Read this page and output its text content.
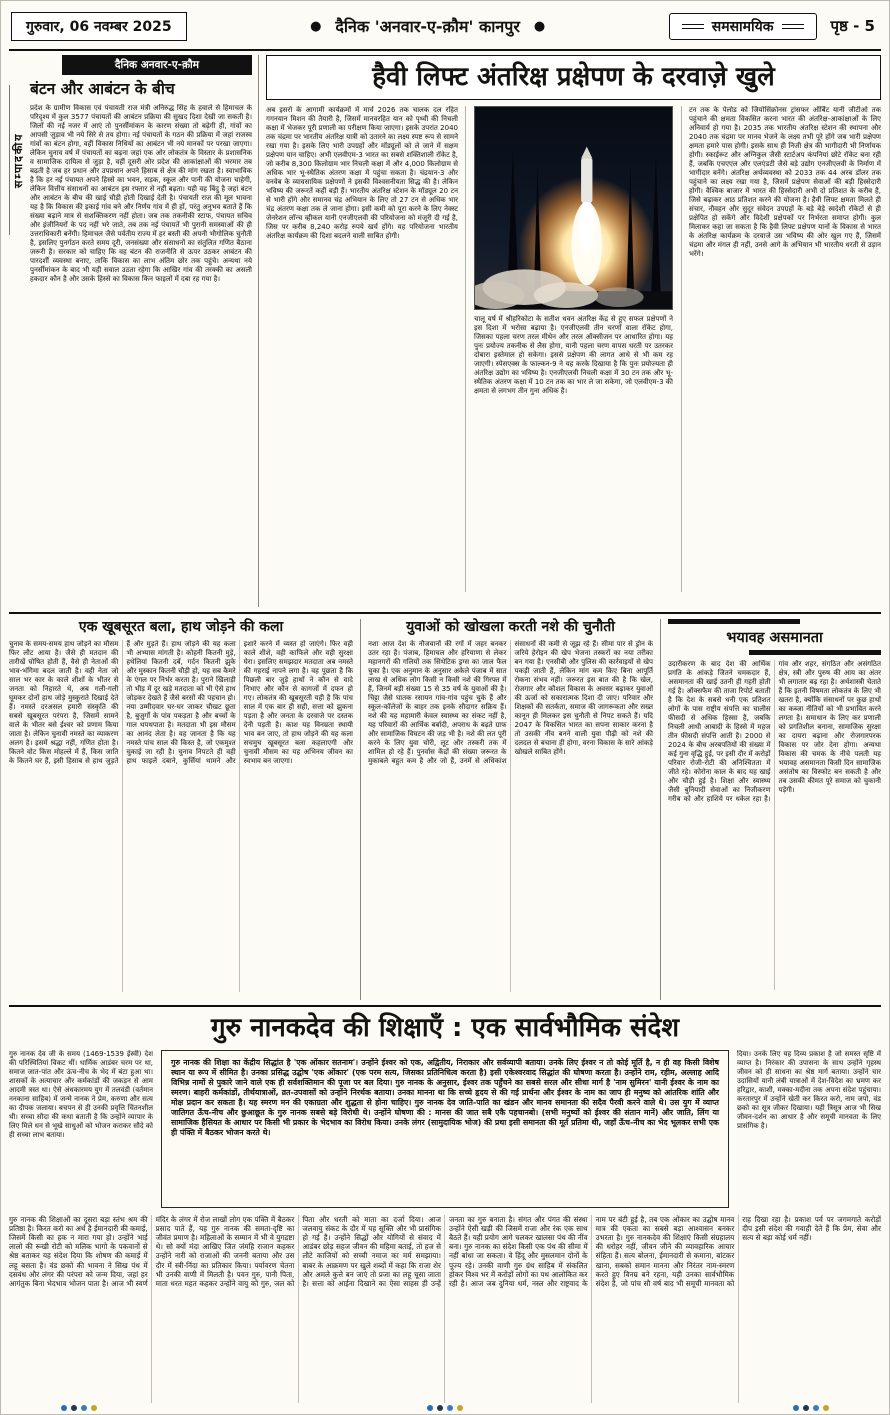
गुरुवार, 06 नवम्बर 2025	● दैनिक 'अनवार-ए-क़ौम' कानपुर ●	समसामयिक	पृष्ठ - 5
दैनिक अनवार-ए-क़ौम
सम्पादकीय
बंटन और आबंटन के बीच

प्रदेश के ग्रामीण विकास एवं पंचायती राज मंत्री अनिरुद्ध सिंह के हवाले से हिमाचल के परिदृश्य में कुल 3577 पंचायतों की आबंटन प्रक्रिया की सुखद दिशा देखी जा सकती है। जिलों की नई नजर में आएं तो पुनर्सीमांकन के कारण संख्या तो बढ़ेगी ही, गांवों का आपसी जुड़ाव भी नये सिरे से तय होगा। नई पंचायतों के गठन की प्रक्रिया में जहां राजस्व गांवों का बंटन होगा, वहीं विकास निधियों का आबंटन भी नये मानकों पर परखा जाएगा। लेकिन चुनाव वर्ष में पंचायतों का बढ़ना जहां एक ओर लोकतंत्र के विस्तार के प्रशासनिक व सामाजिक दायित्व से जुड़ा है, वहीं दूसरी ओर प्रदेश की आकांक्षाओं की भरमार तब बढ़ती है जब हर प्रधान और उपप्रधान अपने हिसाब से क्षेत्र की मांग रखता है। स्वाभाविक है कि हर नई पंचायत अपने हिस्से का भवन, सड़क, स्कूल और पानी की योजना चाहेगी, लेकिन वित्तीय संसाधनों का आबंटन इस रफ्तार से नहीं बढ़ता। यही वह बिंदु है जहां बंटन और आबंटन के बीच की खाई चौड़ी होती दिखाई देती है। पंचायती राज की मूल भावना यह है कि विकास की इकाई गांव बने और निर्णय गांव में ही हों, परंतु अनुभव बताते हैं कि संख्या बढ़ाने मात्र से सशक्तिकरण नहीं होता। जब तक तकनीकी स्टाफ, पंचायत सचिव और इंजीनियरों के पद नहीं भरे जाते, तब तक नई पंचायतें भी पुरानी समस्याओं की ही उत्तराधिकारी बनेंगी। हिमाचल जैसे पर्वतीय राज्य में हर बस्ती की अपनी भौगोलिक चुनौती है, इसलिए पुनर्गठन करते समय दूरी, जनसंख्या और संसाधनों का संतुलित गणित बैठाना जरूरी है। सरकार को चाहिए कि वह बंटन की राजनीति से ऊपर उठकर आबंटन की पारदर्शी व्यवस्था बनाए, ताकि विकास का लाभ अंतिम छोर तक पहुंचे। अन्यथा नये पुनर्सीमांकन के बाद भी यही सवाल उठता रहेगा कि आखिर गांव की तरक्की का असली हकदार कौन है और उसके हिस्से का विकास किन फाइलों में दबा रह गया है।

हैवी लिफ्ट अंतरिक्ष प्रक्षेपण के दरवाज़े खुले

अब इसरो के आगामी कार्यक्रमों में मार्च 2026 तक चालक दल रहित गगनयान मिशन की तैयारी है, जिसमें मानवरहित यान को पृथ्वी की निचली कक्षा में भेजकर पूरी प्रणाली का परीक्षण किया जाएगा। इसके उपरांत 2040 तक चंद्रमा पर भारतीय अंतरिक्ष यात्री को उतारने का लक्ष्य स्पष्ट रूप से सामने रखा गया है। इसके लिए भारी उपग्रहों और मॉड्यूलों को ले जाने में सक्षम प्रक्षेपण यान चाहिए। अभी एलवीएम-3 भारत का सबसे शक्तिशाली रॉकेट है, जो करीब 8,300 किलोग्राम भार निचली कक्षा में और 4,000 किलोग्राम से अधिक भार भू-स्थैतिक अंतरण कक्षा में पहुंचा सकता है। चंद्रयान-3 और वनवेब के व्यावसायिक प्रक्षेपणों ने इसकी विश्वसनीयता सिद्ध की है। लेकिन भविष्य की जरूरतें कहीं बड़ी हैं। भारतीय अंतरिक्ष स्टेशन के मॉड्यूल 20 टन से भारी होंगे और समानव चंद्र अभियान के लिए तो 27 टन से अधिक भार चंद्र अंतरण कक्षा तक ले जाना होगा। इसी कमी को पूरा करने के लिए नेक्स्ट जेनरेशन लॉन्च व्हीकल यानी एनजीएलवी की परियोजना को मंजूरी दी गई है, जिस पर करीब 8,240 करोड़ रुपये खर्च होंगे। यह परियोजना भारतीय अंतरिक्ष कार्यक्रम की दिशा बदलने वाली साबित होगी।

चालू वर्ष में श्रीहरिकोटा के सतीश धवन अंतरिक्ष केंद्र से हुए सफल प्रक्षेपणों ने इस दिशा में भरोसा बढ़ाया है। एनजीएलवी तीन चरणों वाला रॉकेट होगा, जिसका पहला चरण तरल मीथेन और तरल ऑक्सीजन पर आधारित होगा। यह पुनः प्रयोज्य तकनीक से लैस होगा, यानी पहला चरण वापस धरती पर उतरकर दोबारा इस्तेमाल हो सकेगा। इससे प्रक्षेपण की लागत आधे से भी कम रह जाएगी। स्पेसएक्स के फाल्कन-9 ने यह करके दिखाया है कि पुनः प्रयोज्यता ही अंतरिक्ष उद्योग का भविष्य है। एनजीएलवी निचली कक्षा में 30 टन तक और भू-स्थैतिक अंतरण कक्षा में 10 टन तक का भार ले जा सकेगा, जो एलवीएम-3 की क्षमता से लगभग तीन गुना अधिक है।

टन तक के पेलोड को जियोसिंक्रोनस ट्रांसफर ऑर्बिट यानी जीटीओ तक पहुंचाने की क्षमता विकसित करना भारत की अंतरिक्ष-आकांक्षाओं के लिए अनिवार्य हो गया है। 2035 तक भारतीय अंतरिक्ष स्टेशन की स्थापना और 2040 तक चंद्रमा पर मानव भेजने के लक्ष्य तभी पूरे होंगे जब भारी प्रक्षेपण क्षमता हमारे पास होगी। इसके साथ ही निजी क्षेत्र की भागीदारी भी निर्णायक होगी। स्काईरूट और अग्निकुल जैसी स्टार्टअप कंपनियां छोटे रॉकेट बना रही हैं, जबकि एचएएल और एलएंडटी जैसे बड़े उद्योग एनजीएलवी के निर्माण में भागीदार बनेंगे। अंतरिक्ष अर्थव्यवस्था को 2033 तक 44 अरब डॉलर तक पहुंचाने का लक्ष्य रखा गया है, जिसमें प्रक्षेपण सेवाओं की बड़ी हिस्सेदारी होगी। वैश्विक बाजार में भारत की हिस्सेदारी अभी दो प्रतिशत के करीब है, जिसे बढ़ाकर आठ प्रतिशत करने की योजना है। हैवी लिफ्ट क्षमता मिलते ही संचार, नौवहन और सुदूर संवेदन उपग्रहों के बड़े बेड़े स्वदेशी रॉकेटों से ही प्रक्षेपित हो सकेंगे और विदेशी प्रक्षेपकों पर निर्भरता समाप्त होगी। कुल मिलाकर कहा जा सकता है कि हैवी लिफ्ट प्रक्षेपण यानों के विकास से भारत के अंतरिक्ष कार्यक्रम के दरवाजे उस भविष्य की ओर खुल गए हैं, जिसमें चंद्रमा और मंगल ही नहीं, उनसे आगे के अभियान भी भारतीय धरती से उड़ान भरेंगे।

एक खूबसूरत बला, हाथ जोड़ने की कला

चुनाव के समय-समय हाथ जोड़ने का मौसम फिर लौट आया है। जैसे ही मतदान की तारीखें घोषित होती हैं, वैसे ही नेताओं की भाव-भंगिमा बदल जाती है। वही नेता जो साल भर कार के काले शीशों के भीतर से जनता को निहारते थे, अब गली-गली घूमकर दोनों हाथ जोड़े मुस्कुराते दिखाई देते हैं। नमस्ते दरअसल हमारी संस्कृति की सबसे खूबसूरत परंपरा है, जिसमें सामने वाले के भीतर बसे ईश्वर को प्रणाम किया जाता है। लेकिन चुनावी नमस्ते का व्याकरण अलग है। इसमें श्रद्धा नहीं, गणित होता है। कितने वोट किस मोहल्ले में हैं, किस जाति के कितने घर हैं, इसी हिसाब से हाथ जुड़ते हैं और मुड़ते हैं। हाथ जोड़ने की यह कला भी अभ्यास मांगती है। कोहनी कितनी मुड़े, हथेलियां कितनी दबें, गर्दन कितनी झुके और मुस्कान कितनी चौड़ी हो, यह सब कैमरे के एंगल पर निर्भर करता है। पुराने खिलाड़ी तो भीड़ में दूर खड़े मतदाता को भी ऐसे हाथ जोड़कर देखते हैं जैसे बरसों की पहचान हो। नया उम्मीदवार घर-घर जाकर चौखट छूता है, बुजुर्गों के पांव पकड़ता है और बच्चों के गाल थपथपाता है। मतदाता भी इस मौसम का आनंद लेता है। वह जानता है कि यह नमस्ते पांच साल की किस्त है, जो एकमुश्त चुकाई जा रही है। चुनाव निपटते ही वही हाथ फाइलें दबाने, कुर्सियां थामने और इशारे करने में व्यस्त हो जाएंगे। फिर वही काले शीशे, वही काफिले और वही सुरक्षा घेरा। इसलिए समझदार मतदाता अब नमस्ते की गहराई नापने लगा है। वह पूछता है कि पिछली बार जुड़े हाथों ने कौन से वादे निभाए और कौन से कागजों में दफन हो गए। लोकतंत्र की खूबसूरती यही है कि पांच साल में एक बार ही सही, सत्ता को झुकना पड़ता है और जनता के दरवाजे पर दस्तक देनी पड़ती है। काश यह विनम्रता स्थायी भाव बन जाए, तो हाथ जोड़ने की यह कला सचमुच खूबसूरत बला कहलाएगी और चुनावी मौसम का यह अभिनय जीवन का स्वभाव बन जाएगा।

युवाओं को खोखला करती नशे की चुनौती

नशा आज देश के नौजवानों की रगों में जहर बनकर उतर रहा है। पंजाब, हिमाचल और हरियाणा से लेकर महानगरों की गलियों तक सिंथेटिक ड्रग्स का जाल फैल चुका है। एक अनुमान के अनुसार अकेले पंजाब में सात लाख से अधिक लोग किसी न किसी नशे की गिरफ्त में हैं, जिनमें बड़ी संख्या 15 से 35 वर्ष के युवाओं की है। चिट्टा जैसे घातक रसायन गांव-गांव पहुंच चुके हैं और स्कूल-कॉलेजों के बाहर तक इनके सौदागर सक्रिय हैं। नशे की यह महामारी केवल स्वास्थ्य का संकट नहीं है, यह परिवारों की आर्थिक बर्बादी, अपराध के बढ़ते ग्राफ और सामाजिक विघटन की जड़ भी है। नशे की लत पूरी करने के लिए युवा चोरी, लूट और तस्करी तक में शामिल हो रहे हैं। पुनर्वास केंद्रों की संख्या जरूरत के मुकाबले बहुत कम है और जो हैं, उनमें से अधिकांश संसाधनों की कमी से जूझ रहे हैं। सीमा पार से ड्रोन के जरिये हेरोइन की खेप भेजना तस्करों का नया तरीका बन गया है। एनसीबी और पुलिस की कार्रवाइयों से खेप पकड़ी जाती हैं, लेकिन मांग कम किए बिना आपूर्ति रोकना संभव नहीं। जरूरत इस बात की है कि खेल, रोजगार और कौशल विकास के अवसर बढ़ाकर युवाओं की ऊर्जा को सकारात्मक दिशा दी जाए। परिवार और शिक्षकों की सतर्कता, समाज की जागरूकता और सख्त कानून ही मिलकर इस चुनौती से निपट सकते हैं। यदि 2047 के विकसित भारत का सपना साकार करना है तो उसकी नींव बनने वाली युवा पीढ़ी को नशे की दलदल से बचाना ही होगा, वरना विकास के सारे आंकड़े खोखले साबित होंगे।

भयावह असमानता

उदारीकरण के बाद देश की आर्थिक प्रगति के आंकड़े जितने चमकदार हैं, असमानता की खाई उतनी ही गहरी होती गई है। ऑक्सफैम की ताजा रिपोर्ट बताती है कि देश के सबसे धनी एक प्रतिशत लोगों के पास राष्ट्रीय संपत्ति का चालीस फीसदी से अधिक हिस्सा है, जबकि निचली आधी आबादी के हिस्से में महज तीन फीसदी संपत्ति आती है। 2000 से 2024 के बीच अरबपतियों की संख्या में कई गुना वृद्धि हुई, पर इसी दौर में करोड़ों परिवार रोजी-रोटी की अनिश्चितता में जीते रहे। कोरोना काल के बाद यह खाई और चौड़ी हुई है। शिक्षा और स्वास्थ्य जैसी बुनियादी सेवाओं का निजीकरण गरीब को और हाशिये पर धकेल रहा है। गांव और शहर, संगठित और असंगठित क्षेत्र, स्त्री और पुरुष की आय का अंतर भी लगातार बढ़ रहा है। अर्थशास्त्री चेताते हैं कि इतनी विषमता लोकतंत्र के लिए भी खतरा है, क्योंकि संसाधनों पर कुछ हाथों का कब्जा नीतियों को भी प्रभावित करने लगता है। समाधान के लिए कर प्रणाली को प्रगतिशील बनाना, सामाजिक सुरक्षा का दायरा बढ़ाना और रोजगारपरक विकास पर जोर देना होगा। अन्यथा विकास की चमक के नीचे पलती यह भयावह असमानता किसी दिन सामाजिक असंतोष का विस्फोट बन सकती है और तब उसकी कीमत पूरे समाज को चुकानी पड़ेगी।

गुरु नानकदेव की शिक्षाएँ : एक सार्वभौमिक संदेश

गुरु नानक देव जी के समय (1469-1539 ईस्वी) देश की परिस्थितियां विकट थीं। धार्मिक आडंबर चरम पर था, समाज जात-पांत और ऊंच-नीच के भेद में बंटा हुआ था। शासकों के अत्याचार और कर्मकांडों की जकड़न से आम आदमी त्रस्त था। ऐसे अंधकारमय युग में तलवंडी (वर्तमान ननकाना साहिब) में जन्मे नानक ने प्रेम, करुणा और सत्य का दीपक जलाया। बचपन से ही उनकी प्रवृत्ति चिंतनशील थी। सच्चा सौदा की कथा बताती है कि उन्होंने व्यापार के लिए मिले धन से भूखे साधुओं को भोजन कराकर सौदे को ही सच्चा लाभ बताया।

गुरु नानक की शिक्षा का केंद्रीय सिद्धांत है 'एक ओंकार सतनाम'। उन्होंने ईश्वर को एक, अद्वितीय, निराकार और सर्वव्यापी बताया। उनके लिए ईश्वर न तो कोई मूर्ति है, न ही वह किसी विशेष स्थान या रूप में सीमित है। उनका प्रसिद्ध उद्घोष 'एक ओंकार' (एक परम सत्य, जिसका प्रतिनिधित्व करता है) इसी एकेश्वरवाद सिद्धांत की घोषणा करता है। उन्होंने राम, रहीम, अल्लाह आदि विभिन्न नामों से पुकारे जाने वाले एक ही सर्वशक्तिमान की पूजा पर बल दिया। गुरु नानक के अनुसार, ईश्वर तक पहुँचने का सबसे सरल और सीधा मार्ग है 'नाम सुमिरन' यानी ईश्वर के नाम का स्मरण। बाहरी कर्मकांडों, तीर्थयात्राओं, व्रत-उपवासों को उन्होंने निरर्थक बताया। उनका मानना था कि सच्चे हृदय से की गई प्रार्थना और ईश्वर के नाम का जाप ही मनुष्य को आंतरिक शांति और मोक्ष प्रदान कर सकता है। यह स्मरण मन की एकाग्रता और शुद्धता से होना चाहिए। गुरु नानक देव जाति-पाति का खंडन और मानव समानता की सदैव पैरवी करने वाले थे। उस युग में व्याप्त जातिगत ऊँच-नीच और छुआछूत के गुरु नानक सबसे बड़े विरोधी थे। उन्होंने घोषणा की : मानस की जात सबै एकै पहचानबो। (सभी मनुष्यों को ईश्वर की संतान मानें) और जाति, लिंग या सामाजिक हैसियत के आधार पर किसी भी प्रकार के भेदभाव का विरोध किया। उनके लंगर (सामुदायिक भोज) की प्रथा इसी समानता की मूर्त प्रतिमा थी, जहाँ ऊँच-नीच का भेद भूलकर सभी एक ही पंक्ति में बैठकर भोजन करते थे।

दिया। उनके लिए यह दिव्य प्रकाश है जो समस्त सृष्टि में व्याप्त है। निरंकार की उपासना के साथ उन्होंने गृहस्थ जीवन को ही साधना का श्रेष्ठ मार्ग बताया। उन्होंने चार उदासियों यानी लंबी यात्राओं में देश-विदेश का भ्रमण कर हरिद्वार, काशी, मक्का-मदीना तक अपना संदेश पहुंचाया। करतारपुर में उन्होंने खेती कर किरत करो, नाम जपो, वंड छको का सूत्र जीकर दिखाया। यही त्रिसूत्र आज भी सिख जीवन-दर्शन का आधार है और समूची मानवता के लिए प्रासंगिक है।

गुरु नानक की शिक्षाओं का दूसरा बड़ा स्तंभ श्रम की प्रतिष्ठा है। किरत करो का अर्थ है ईमानदारी की कमाई, जिसमें किसी का हक न मारा गया हो। उन्होंने भाई लालो की रूखी रोटी को मलिक भागो के पकवानों से श्रेष्ठ बताकर यह संदेश दिया कि शोषण की कमाई में लहू बसता है। वंड छको की भावना ने सिख पंथ में दसवंध और लंगर की परंपरा को जन्म दिया, जहां हर आगंतुक बिना भेदभाव भोजन पाता है। आज भी स्वर्ण मंदिर के लंगर में रोज लाखों लोग एक पंक्ति में बैठकर प्रसाद पाते हैं, यह गुरु नानक की समता-दृष्टि का जीवंत प्रमाण है। महिलाओं के सम्मान में भी वे युगद्रष्टा थे। सो क्यों मंदा आखिए जित जंमहि राजान कहकर उन्होंने नारी को राजाओं की जननी बताया और उस दौर में स्त्री-निंदा का प्रतिकार किया। पर्यावरण चेतना भी उनकी वाणी में मिलती है। पवन गुरु, पानी पिता, माता धरत महत कहकर उन्होंने वायु को गुरु, जल को पिता और धरती को माता का दर्जा दिया। आज जलवायु संकट के दौर में यह सूक्ति और भी प्रासंगिक हो गई है। उन्होंने सिद्धों और योगियों से संवाद में आडंबर छोड़ सहज जीवन की महिमा बताई, तो हज से लौटे काजियों को सच्ची नमाज का मर्म समझाया। बाबर के आक्रमण पर खुले शब्दों में कहा कि राजा शेर और अमले कुत्ते बन जाएं तो प्रजा का लहू चूसा जाता है। सत्ता को आईना दिखाने का ऐसा साहस ही उन्हें जनता का गुरु बनाता है। संगत और पंगत की संस्था उन्होंने ऐसी खड़ी की जिसमें राजा और रंक एक साथ बैठते हैं। यही प्रयोग आगे चलकर खालसा पंथ की नींव बना। गुरु नानक का संदेश किसी एक पंथ की सीमा में नहीं बांधा जा सकता। वे हिंदू और मुसलमान दोनों के पूज्य रहे। उनकी वाणी गुरु ग्रंथ साहिब में संकलित होकर विश्व भर में करोड़ों लोगों का पथ आलोकित कर रही है। आज जब दुनिया धर्म, नस्ल और राष्ट्रवाद के नाम पर बंटी हुई है, तब एक ओंकार का उद्घोष मानव मात्र की एकता का सबसे बड़ा आश्वासन बनकर उभरता है। गुरु नानकदेव की शिक्षाएं किसी संग्रहालय की धरोहर नहीं, जीवन जीने की व्यावहारिक आचार संहिता हैं। सत्य बोलना, ईमानदारी से कमाना, बांटकर खाना, सबको समान मानना और निरंतर नाम-स्मरण करते हुए विनम्र बने रहना, यही उनका सार्वभौमिक संदेश है, जो पांच सौ वर्ष बाद भी समूची मानवता को राह दिखा रहा है। प्रकाश पर्व पर जगमगाते करोड़ों दीप इसी संदेश की गवाही देते हैं कि प्रेम, सेवा और सत्य से बड़ा कोई धर्म नहीं।
